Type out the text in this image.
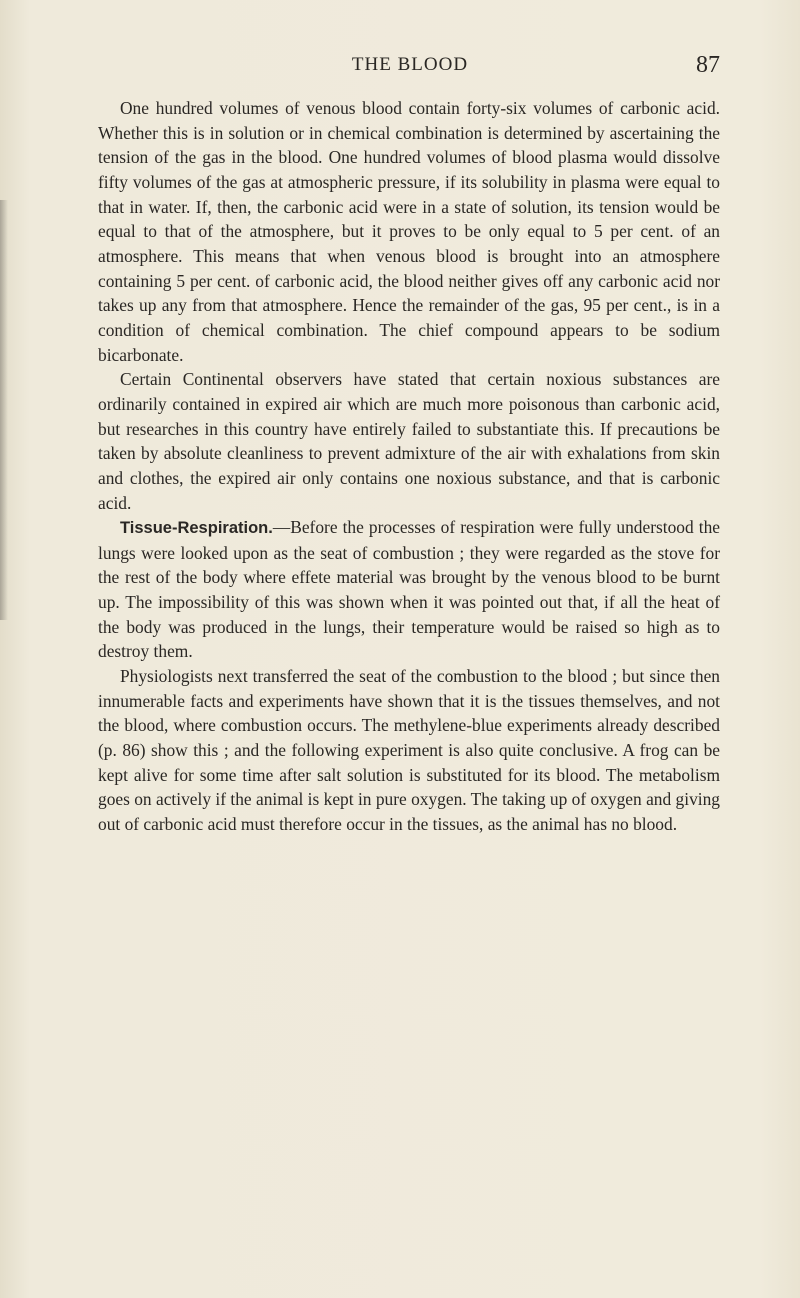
THE BLOOD	87

One hundred volumes of venous blood contain forty-six volumes of carbonic acid. Whether this is in solution or in chemical combination is determined by ascertaining the tension of the gas in the blood. One hundred volumes of blood plasma would dissolve fifty volumes of the gas at atmospheric pressure, if its solubility in plasma were equal to that in water. If, then, the carbonic acid were in a state of solution, its tension would be equal to that of the atmosphere, but it proves to be only equal to 5 per cent. of an atmosphere. This means that when venous blood is brought into an atmosphere containing 5 per cent. of carbonic acid, the blood neither gives off any carbonic acid nor takes up any from that atmosphere. Hence the remainder of the gas, 95 per cent., is in a condition of chemical combination. The chief compound appears to be sodium bicarbonate.

Certain Continental observers have stated that certain noxious substances are ordinarily contained in expired air which are much more poisonous than carbonic acid, but researches in this country have entirely failed to substantiate this. If precautions be taken by absolute cleanliness to prevent admixture of the air with exhalations from skin and clothes, the expired air only contains one noxious substance, and that is carbonic acid.

Tissue-Respiration.—Before the processes of respiration were fully understood the lungs were looked upon as the seat of combustion ; they were regarded as the stove for the rest of the body where effete material was brought by the venous blood to be burnt up. The impossibility of this was shown when it was pointed out that, if all the heat of the body was produced in the lungs, their temperature would be raised so high as to destroy them.

Physiologists next transferred the seat of the combustion to the blood ; but since then innumerable facts and experiments have shown that it is the tissues themselves, and not the blood, where combustion occurs. The methylene-blue experiments already described (p. 86) show this ; and the following experiment is also quite conclusive. A frog can be kept alive for some time after salt solution is substituted for its blood. The metabolism goes on actively if the animal is kept in pure oxygen. The taking up of oxygen and giving out of carbonic acid must therefore occur in the tissues, as the animal has no blood.
